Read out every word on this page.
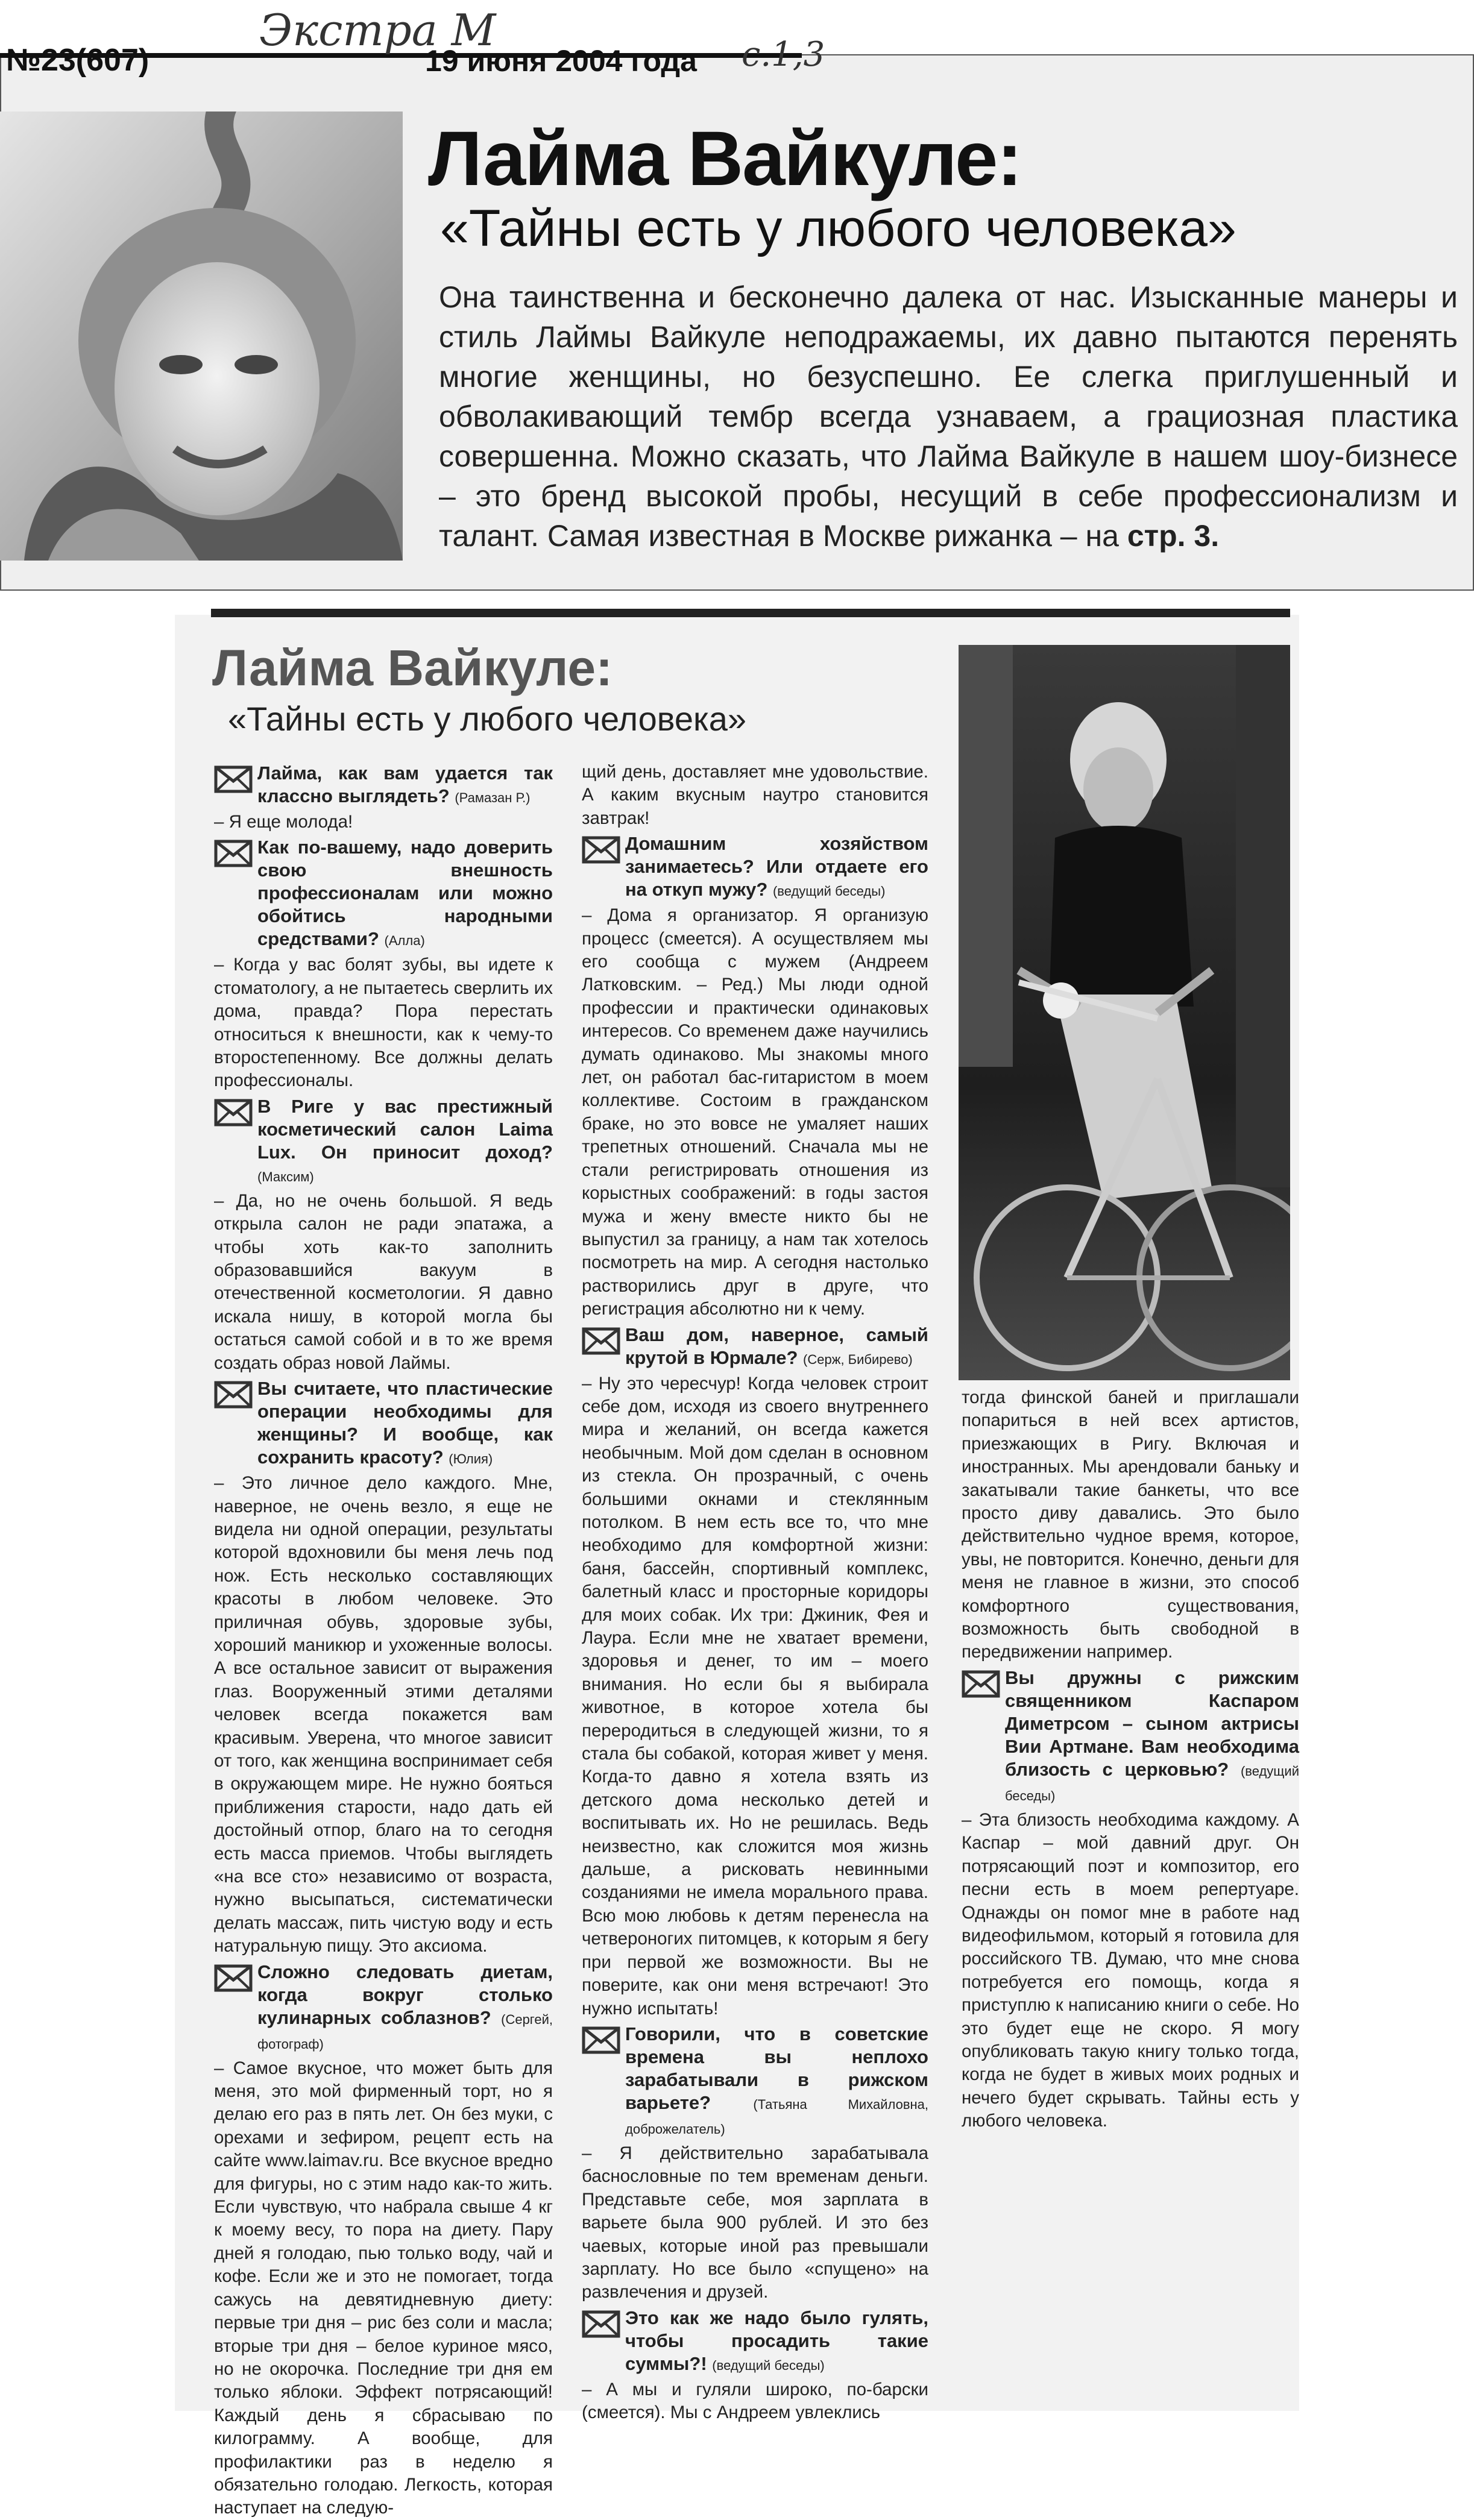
Экстра М	с.1,3
№23(607)	19 июня 2004 года
Лайма Вайкуле:
«Тайны есть у любого человека»
Она таинственна и бесконечно далека от нас. Изысканные манеры и стиль Лаймы Вайкуле неподражаемы, их давно пытаются перенять многие женщины, но безуспешно. Ее слегка приглушенный и обволакивающий тембр всегда узнаваем, а грациозная пластика совершенна. Можно сказать, что Лайма Вайкуле в нашем шоу-бизнесе – это бренд высокой пробы, несущий в себе профессионализм и талант. Самая известная в Москве рижанка – на стр. 3.
Лайма Вайкуле:
«Тайны есть у любого человека»
Лайма, как вам удается так классно выглядеть? (Рамазан Р.)

– Я еще молода!

Как по-вашему, надо доверить свою внешность профессионалам или можно обойтись народными средствами? (Алла)

– Когда у вас болят зубы, вы идете к стоматологу, а не пытаетесь сверлить их дома, правда? Пора перестать относиться к внешности, как к чему-то второстепенному. Все должны делать профессионалы.

В Риге у вас престижный косметический салон Laima Lux. Он приносит доход? (Максим)

– Да, но не очень большой. Я ведь открыла салон не ради эпатажа, а чтобы хоть как-то заполнить образовавшийся вакуум в отечественной косметологии. Я давно искала нишу, в которой могла бы остаться самой собой и в то же время создать образ новой Лаймы.

Вы считаете, что пластические операции необходимы для женщины? И вообще, как сохранить красоту? (Юлия)

– Это личное дело каждого. Мне, наверное, не очень везло, я еще не видела ни одной операции, результаты которой вдохновили бы меня лечь под нож. Есть несколько составляющих красоты в любом человеке. Это приличная обувь, здоровые зубы, хороший маникюр и ухоженные волосы. А все остальное зависит от выражения глаз. Вооруженный этими деталями человек всегда покажется вам красивым. Уверена, что многое зависит от того, как женщина воспринимает себя в окружающем мире. Не нужно бояться приближения старости, надо дать ей достойный отпор, благо на то сегодня есть масса приемов. Чтобы выглядеть «на все сто» независимо от возраста, нужно высыпаться, систематически делать массаж, пить чистую воду и есть натуральную пищу. Это аксиома.

Сложно следовать диетам, когда вокруг столько кулинарных соблазнов? (Сергей, фотограф)

– Самое вкусное, что может быть для меня, это мой фирменный торт, но я делаю его раз в пять лет. Он без муки, с орехами и зефиром, рецепт есть на сайте www.laimav.ru. Все вкусное вредно для фигуры, но с этим надо как-то жить. Если чувствую, что набрала свыше 4 кг к моему весу, то пора на диету. Пару дней я голодаю, пью только воду, чай и кофе. Если же и это не помогает, тогда сажусь на девятидневную диету: первые три дня – рис без соли и масла; вторые три дня – белое куриное мясо, но не окорочка. Последние три дня ем только яблоки. Эффект потрясающий! Каждый день я сбрасываю по килограмму. А вообще, для профилактики раз в неделю я обязательно голодаю. Легкость, которая наступает на следую-

щий день, доставляет мне удовольствие. А каким вкусным наутро становится завтрак!

Домашним хозяйством занимаетесь? Или отдаете его на откуп мужу? (ведущий беседы)

– Дома я организатор. Я организую процесс (смеется). А осуществляем мы его сообща с мужем (Андреем Латковским. – Ред.) Мы люди одной профессии и практически одинаковых интересов. Со временем даже научились думать одинаково. Мы знакомы много лет, он работал бас-гитаристом в моем коллективе. Состоим в гражданском браке, но это вовсе не умаляет наших трепетных отношений. Сначала мы не стали регистрировать отношения из корыстных соображений: в годы застоя мужа и жену вместе никто бы не выпустил за границу, а нам так хотелось посмотреть на мир. А сегодня настолько растворились друг в друге, что регистрация абсолютно ни к чему.

Ваш дом, наверное, самый крутой в Юрмале? (Серж, Бибирево)

– Ну это чересчур! Когда человек строит себе дом, исходя из своего внутреннего мира и желаний, он всегда кажется необычным. Мой дом сделан в основном из стекла. Он прозрачный, с очень большими окнами и стеклянным потолком. В нем есть все то, что мне необходимо для комфортной жизни: баня, бассейн, спортивный комплекс, балетный класс и просторные коридоры для моих собак. Их три: Джиник, Фея и Лаура. Если мне не хватает времени, здоровья и денег, то им – моего внимания. Но если бы я выбирала животное, в которое хотела бы переродиться в следующей жизни, то я стала бы собакой, которая живет у меня. Когда-то давно я хотела взять из детского дома несколько детей и воспитывать их. Но не решилась. Ведь неизвестно, как сложится моя жизнь дальше, а рисковать невинными созданиями не имела морального права. Всю мою любовь к детям перенесла на четвероногих питомцев, к которым я бегу при первой же возможности. Вы не поверите, как они меня встречают! Это нужно испытать!

Говорили, что в советские времена вы неплохо зарабатывали в рижском варьете? (Татьяна Михайловна, доброжелатель)

– Я действительно зарабатывала баснословные по тем временам деньги. Представьте себе, моя зарплата в варьете была 900 рублей. И это без чаевых, которые иной раз превышали зарплату. Но все было «спущено» на развлечения и друзей.

Это как же надо было гулять, чтобы просадить такие суммы?! (ведущий беседы)

– А мы и гуляли широко, по-барски (смеется). Мы с Андреем увлеклись

тогда финской баней и приглашали попариться в ней всех артистов, приезжающих в Ригу. Включая и иностранных. Мы арендовали баньку и закатывали такие банкеты, что все просто диву давались. Это было действительно чудное время, которое, увы, не повторится. Конечно, деньги для меня не главное в жизни, это способ комфортного существования, возможность быть свободной в передвижении например.

Вы дружны с рижским священником Каспаром Диметрсом – сыном актрисы Вии Артмане. Вам необходима близость с церковью? (ведущий беседы)

– Эта близость необходима каждому. А Каспар – мой давний друг. Он потрясающий поэт и композитор, его песни есть в моем репертуаре. Однажды он помог мне в работе над видеофильмом, который я готовила для российского ТВ. Думаю, что мне снова потребуется его помощь, когда я приступлю к написанию книги о себе. Но это будет еще не скоро. Я могу опубликовать такую книгу только тогда, когда не будет в живых моих родных и нечего будет скрывать. Тайны есть у любого человека.
